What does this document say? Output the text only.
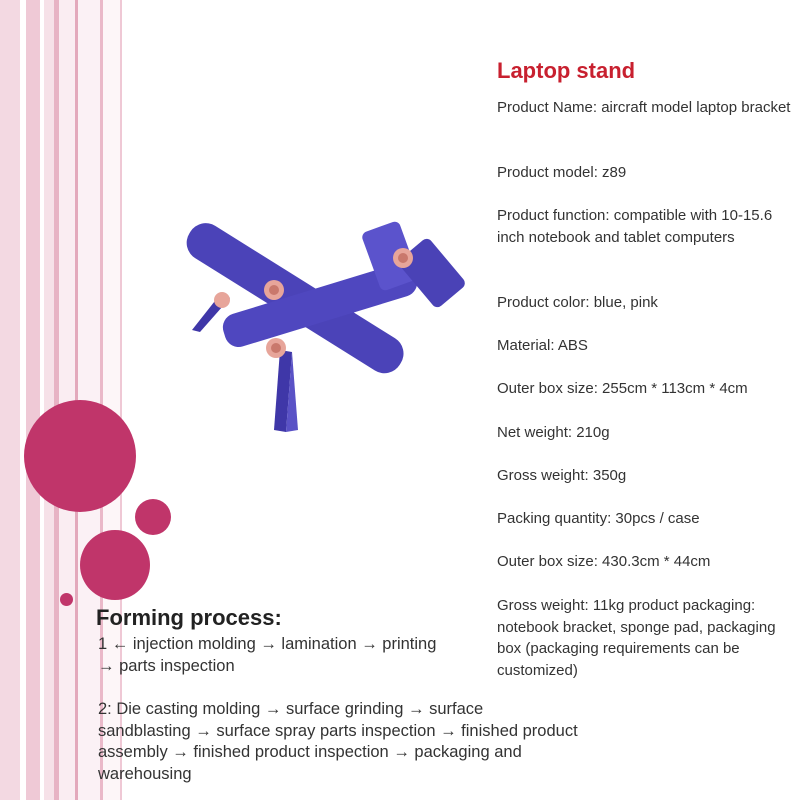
Laptop stand
Product Name: aircraft model laptop bracket
Product model: z89
Product function: compatible with 10-15.6 inch notebook and tablet computers
Product color: blue, pink
Material: ABS
Outer box size: 255cm * 113cm * 4cm
Net weight: 210g
Gross weight: 350g
Packing quantity: 30pcs / case
Outer box size: 430.3cm * 44cm
Gross weight: 11kg product packaging: notebook bracket, sponge pad, packaging box (packaging requirements can be customized)
Forming process:
1 ← injection molding → lamination → printing → parts inspection
2: Die casting molding → surface grinding → surface sandblasting → surface spray parts inspection → finished product assembly → finished product inspection → packaging and warehousing
